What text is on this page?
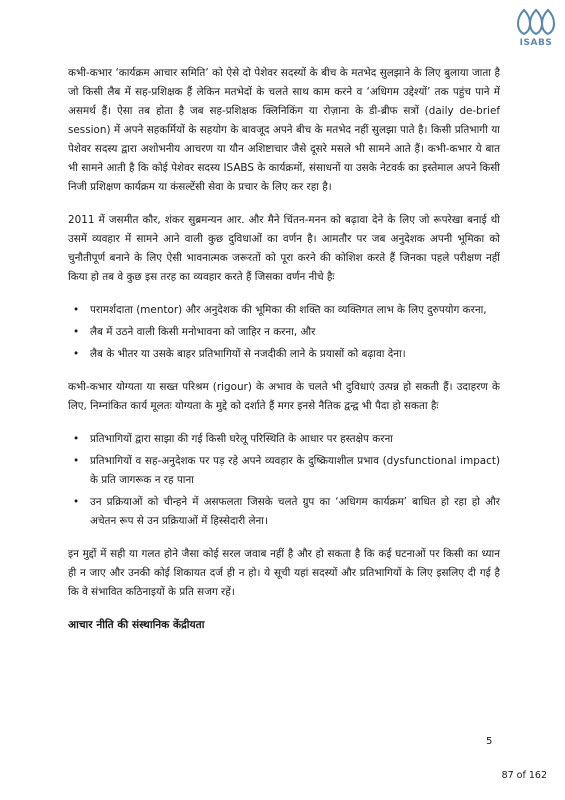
ISABS

कभी-कभार ‘कार्यक्रम आचार समिति’ को ऐसे दो पेशेवर सदस्यों के बीच के मतभेद सुलझाने के लिए बुलाया जाता है जो किसी लैब में सह-प्रशिक्षक हैं लेकिन मतभेदों के चलते साथ काम करने व ‘अधिगम उद्देश्यों’ तक पहुंच पाने में असमर्थ हैं। ऐसा तब होता है जब सह-प्रशिक्षक क्लिनिकिंग या रोज़ाना के डी-ब्रीफ सत्रों (daily de-brief session) में अपने सहकर्मियों के सहयोग के बावजूद अपने बीच के मतभेद नहीं सुलझा पाते है। किसी प्रतिभागी या पेशेवर सदस्य द्वारा अशोभनीय आचरण या यौन अशिष्टाचार जैसे दूसरे मसले भी सामने आते हैं। कभी-कभार ये बात भी सामने आती है कि कोई पेशेवर सदस्य ISABS के कार्यक्रमों, संसाधनों या उसके नेटवर्क का इस्तेमाल अपने किसी निजी प्रशिक्षण कार्यक्रम या कंसल्टेंसी सेवा के प्रचार के लिए कर रहा है।

2011 में जसमीत कौर, शंकर सुब्रमन्यन आर. और मैने चिंतन-मनन को बढ़ावा देने के लिए जो रूपरेखा बनाई थी उसमें व्यवहार में सामने आने वाली कुछ दुविधाओं का वर्णन है। आमतौर पर जब अनुदेशक अपनी भूमिका को चुनौतीपूर्ण बनाने के लिए ऐसी भावनात्मक जरूरतों को पूरा करने की कोशिश करते हैं जिनका पहले परीक्षण नहीं किया हो तब वे कुछ इस तरह का व्यवहार करते हैं जिसका वर्णन नीचे हैः

• परामर्शदाता (mentor) और अनुदेशक की भूमिका की शक्ति का व्यक्तिगत लाभ के लिए दुरुपयोग करना,
• लैब में उठने वाली किसी मनोभावना को जाहिर न करना, और
• लैब के भीतर या उसके बाहर प्रतिभागियों से नजदीकी लाने के प्रयासों को बढ़ावा देना।

कभी-कभार योग्यता या सख्त परिश्रम (rigour) के अभाव के चलते भी दुविधाएं उत्पन्न हो सकती हैं। उदाहरण के लिए, निम्नांकित कार्य मूलतः योग्यता के मुद्दे को दर्शाते हैं मगर इनसे नैतिक द्वन्द्व भी पैदा हो सकता हैः

• प्रतिभागियों द्वारा साझा की गई किसी घरेलू परिस्थिति के आधार पर हस्तक्षेप करना
• प्रतिभागियों व सह-अनुदेशक पर पड़ रहे अपने व्यवहार के दुष्क्रियाशील प्रभाव (dysfunctional impact) के प्रति जागरूक न रह पाना
• उन प्रक्रियाओं को चीन्हने में असफलता जिसके चलते ग्रुप का ‘अधिगम कार्यक्रम’ बाधित हो रहा हो और अचेतन रूप से उन प्रक्रियाओं में हिस्सेदारी लेना।

इन मुद्दों में सही या गलत होने जैसा कोई सरल जवाब नहीं है और हो सकता है कि कई घटनाओं पर किसी का ध्यान ही न जाए और उनकी कोई शिकायत दर्ज ही न हो। ये सूची यहां सदस्यों और प्रतिभागियों के लिए इसलिए दी गई है कि वे संभावित कठिनाइयों के प्रति सजग रहें।

आचार नीति की संस्थानिक केंद्रीयता
5
87 of 162
